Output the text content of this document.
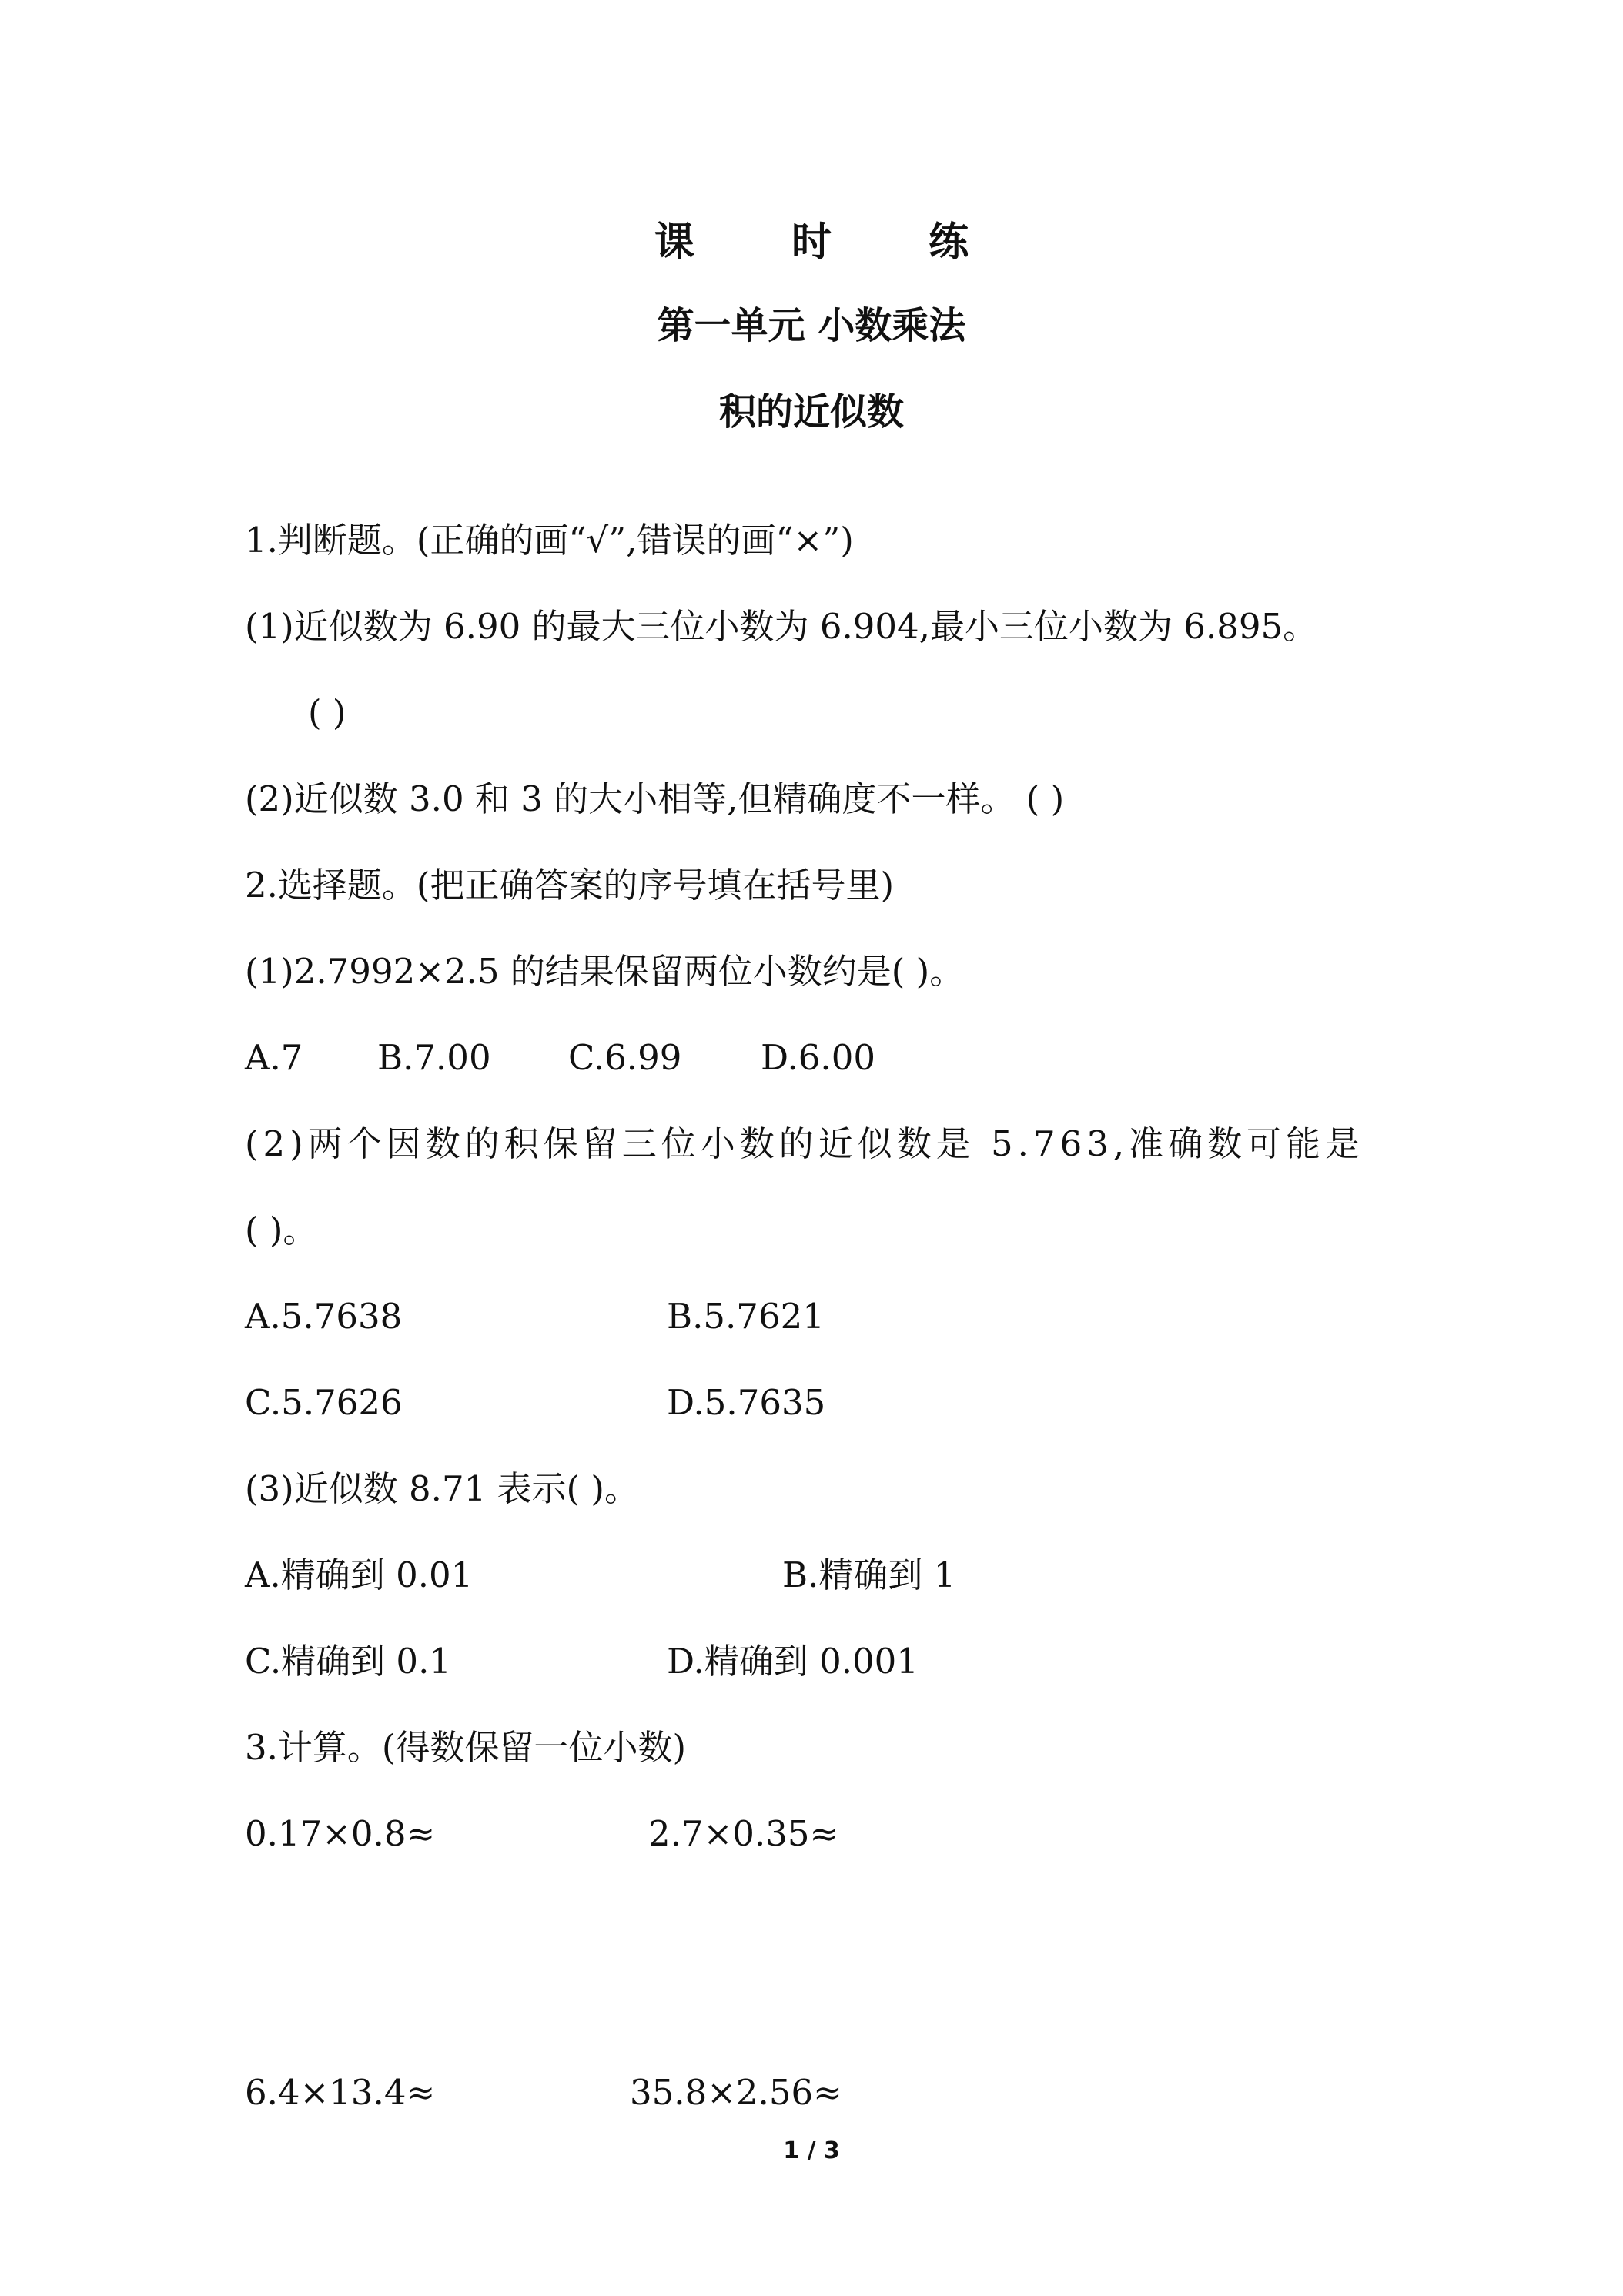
课 时 练
第一单元 小数乘法
积的近似数
1.判断题。(正确的画“√”,错误的画“×”)
(1)近似数为 6.90 的最大三位小数为 6.904,最小三位小数为 6.895。
( )
(2)近似数 3.0 和 3 的大小相等,但精确度不一样。 ( )
2.选择题。(把正确答案的序号填在括号里)
(1)2.7992×2.5 的结果保留两位小数约是( )。
A.7 B.7.00 C.6.99 D.6.00
(2)两个因数的积保留三位小数的近似数是 5.763,准确数可能是
( )。
A.5.7638	B.5.7621
C.5.7626	D.5.7635
(3)近似数 8.71 表示( )。
A.精确到 0.01	B.精确到 1
C.精确到 0.1	D.精确到 0.001
3.计算。(得数保留一位小数)
0.17×0.8≈	2.7×0.35≈
6.4×13.4≈	35.8×2.56≈
1 / 3
